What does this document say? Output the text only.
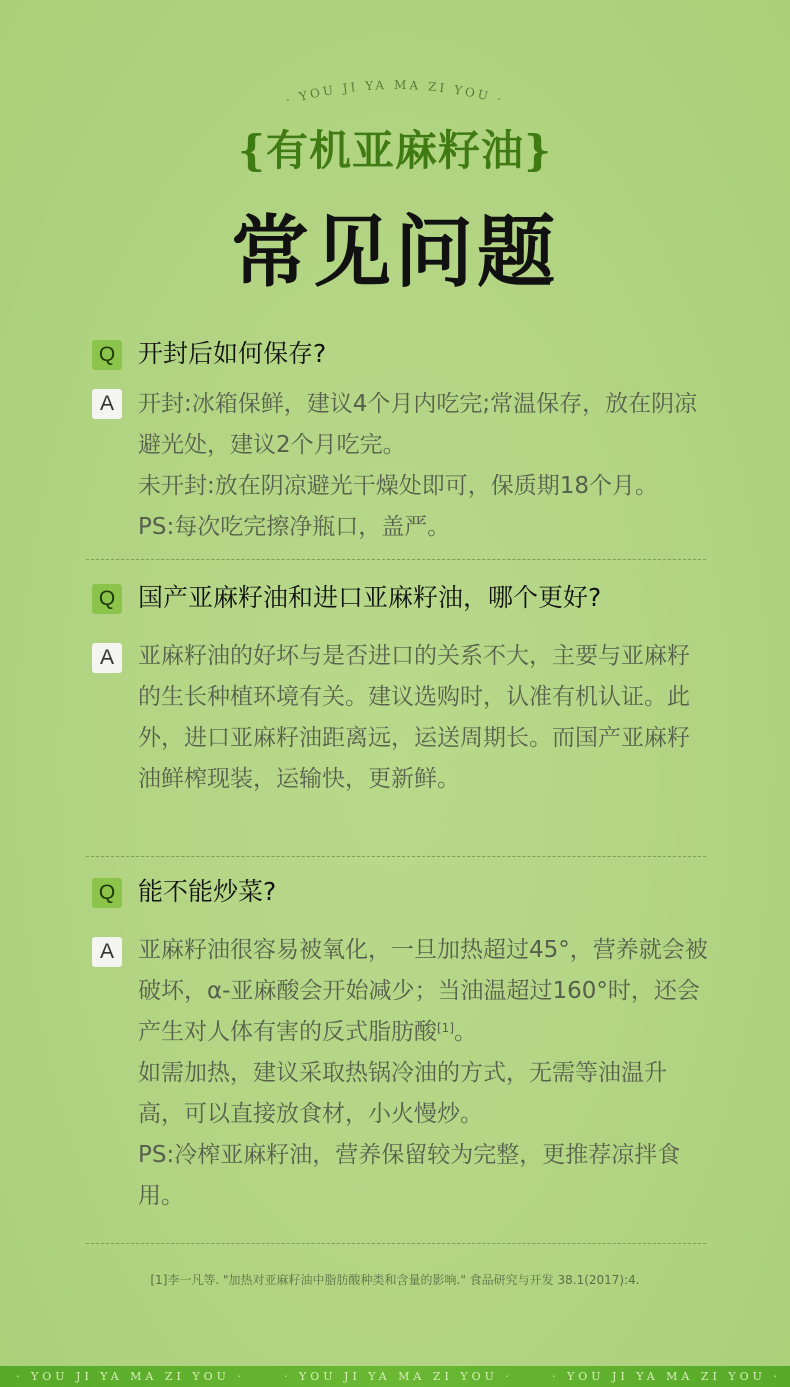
· YOU JI YA MA ZI YOU ·
{有机亚麻籽油}
常见问题
Q 开封后如何保存?
A	开封:冰箱保鲜，建议4个月内吃完;常温保存，放在阴凉避光处，建议2个月吃完。

未开封:放在阴凉避光干燥处即可，保质期18个月。

PS:每次吃完擦净瓶口，盖严。

Q 国产亚麻籽油和进口亚麻籽油，哪个更好?
A	亚麻籽油的好坏与是否进口的关系不大，主要与亚麻籽的生长种植环境有关。建议选购时，认准有机认证。此外，进口亚麻籽油距离远，运送周期长。而国产亚麻籽油鲜榨现装，运输快，更新鲜。

Q 能不能炒菜?
A	亚麻籽油很容易被氧化，一旦加热超过45°，营养就会被破坏，α-亚麻酸会开始减少；当油温超过160°时，还会产生对人体有害的反式脂肪酸[1]。

如需加热，建议采取热锅冷油的方式，无需等油温升高，可以直接放食材，小火慢炒。

PS:冷榨亚麻籽油，营养保留较为完整，更推荐凉拌食用。

[1]李一凡等. "加热对亚麻籽油中脂肪酸种类和含量的影响." 食品研究与开发 38.1(2017):4.
· YOU JI YA MA ZI YOU ·	· YOU JI YA MA ZI YOU ·	· YOU JI YA MA ZI YOU ·
